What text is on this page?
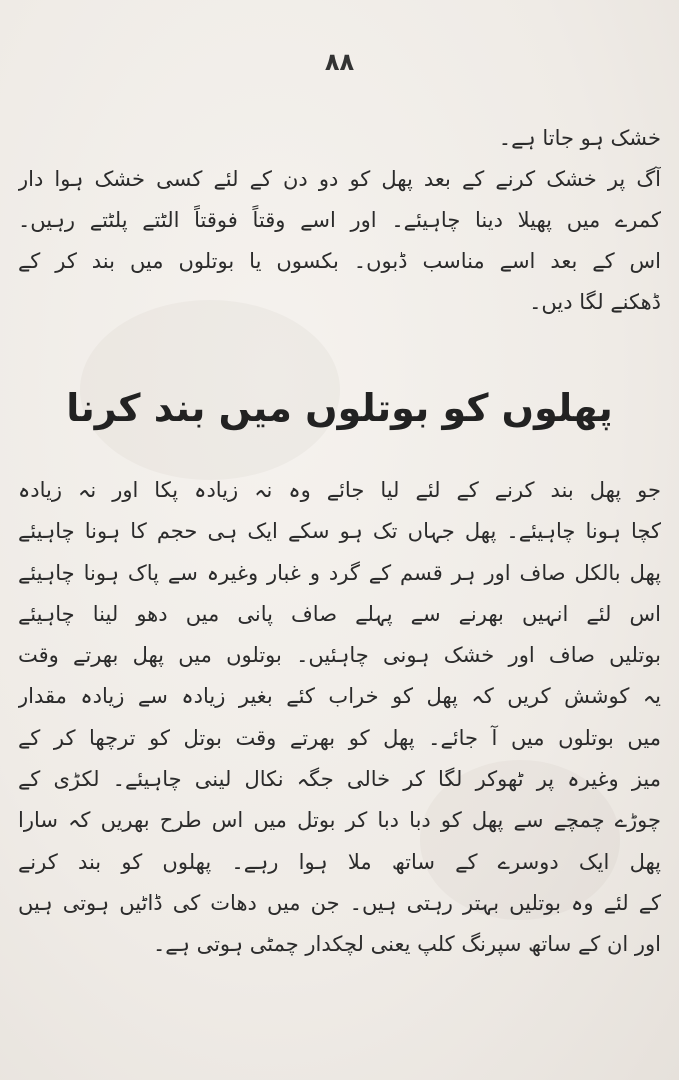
۸۸
خشک ہو جاتا ہے۔
آگ پر خشک کرنے کے بعد پھل کو دو دن کے لئے کسی خشک ہوا دار
کمرے میں پھیلا دینا چاہیئے۔ اور اسے وقتاً فوقتاً الٹتے پلٹتے رہیں۔
اس کے بعد اسے مناسب ڈبوں۔ بکسوں یا بوتلوں میں بند کر کے
ڈھکنے لگا دیں۔
پھلوں کو بوتلوں میں بند کرنا
جو پھل بند کرنے کے لئے لیا جائے وہ نہ زیادہ پکا اور نہ زیادہ
کچا ہونا چاہیئے۔ پھل جہاں تک ہو سکے ایک ہی حجم کا ہونا چاہیئے
پھل بالکل صاف اور ہر قسم کے گرد و غبار وغیرہ سے پاک ہونا چاہیئے
اس لئے انہیں بھرنے سے پہلے صاف پانی میں دھو لینا چاہیئے
بوتلیں صاف اور خشک ہونی چاہئیں۔ بوتلوں میں پھل بھرتے وقت
یہ کوشش کریں کہ پھل کو خراب کئے بغیر زیادہ سے زیادہ مقدار
میں بوتلوں میں آ جائے۔ پھل کو بھرتے وقت بوتل کو ترچھا کر کے
میز وغیرہ پر ٹھوکر لگا کر خالی جگہ نکال لینی چاہیئے۔ لکڑی کے
چوڑے چمچے سے پھل کو دبا دبا کر بوتل میں اس طرح بھریں کہ سارا
پھل ایک دوسرے کے ساتھ ملا ہوا رہے۔ پھلوں کو بند کرنے
کے لئے وہ بوتلیں بہتر رہتی ہیں۔ جن میں دھات کی ڈاٹیں ہوتی ہیں
اور ان کے ساتھ سپرنگ کلپ یعنی لچکدار چمٹی ہوتی ہے۔
